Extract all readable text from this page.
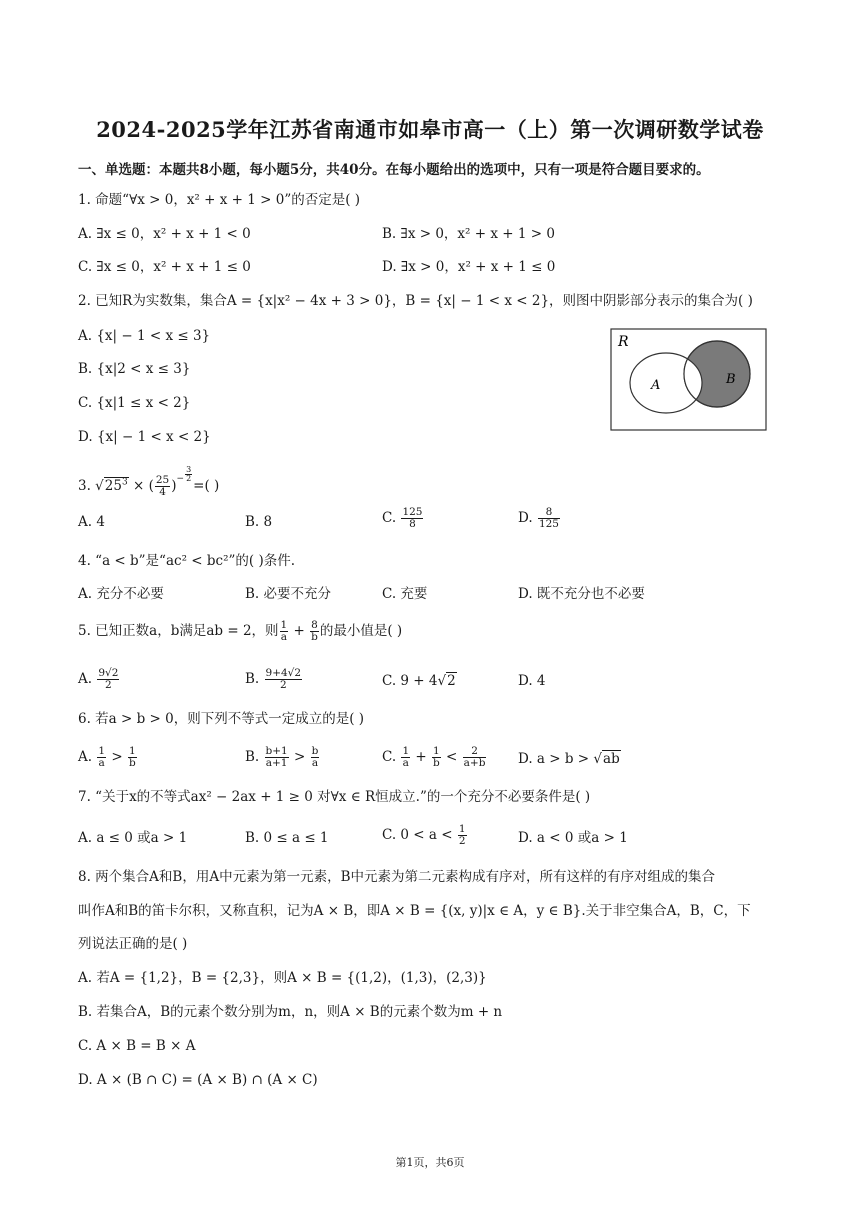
2024-2025学年江苏省南通市如皋市高一（上）第一次调研数学试卷
一、单选题：本题共8小题，每小题5分，共40分。在每小题给出的选项中，只有一项是符合题目要求的。
1. 命题“∀x > 0，x² + x + 1 > 0”的否定是( )
A. ∃x ≤ 0，x² + x + 1 < 0	B. ∃x > 0，x² + x + 1 > 0
C. ∃x ≤ 0，x² + x + 1 ≤ 0	D. ∃x > 0，x² + x + 1 ≤ 0
2. 已知R为实数集，集合A = {x|x² − 4x + 3 > 0}，B = {x| − 1 < x < 2}，则图中阴影部分表示的集合为( )
A. {x| − 1 < x ≤ 3}
B. {x|2 < x ≤ 3}
C. {x|1 ≤ x < 2}
D. {x| − 1 < x < 2}
R
A	B
3. $√25^3$ × ( $\frac{25}{4} )^- \frac{3}{2}$
=( )
A. 4	B. 8	C. $\frac{125}{8}$	D. $\frac{8}{125}$
4. “a < b”是“ac² < bc²”的( )条件.
A. 充分不必要	B. 必要不充分	C. 充要	D. 既不充分也不必要
5. 已知正数a，b满足ab = 2，则 $\frac{1}{a} + \frac{8}{b}$ 的最小值是( )
A. $\frac{9√2}{2}$	B. $\frac{9+4√2}{2}$	C. 9 + 4√2	D. 4
6. 若a > b > 0，则下列不等式一定成立的是( )
A. $\frac{1}{a} > \frac{1}{b}$	B. $\frac{b+1}{a+1} > \frac{b}{a}$	C. $\frac{1}{a} + \frac{1}{b} < \frac{2}{a+b} D$. a > b > √ab
7. “关于x的不等式ax² − 2ax + 1 ≥ 0 对∀x ∈ R恒成立.”的一个充分不必要条件是( )
A. a ≤ 0 或a > 1	B. 0 ≤ a ≤ 1	C. $0 < a < \frac{1}{2}$	D. a < 0 或a > 1
8. 两个集合A和B，用A中元素为第一元素，B中元素为第二元素构成有序对，所有这样的有序对组成的集合
叫作A和B的笛卡尔积，又称直积，记为A × B，即A × B = {(x, y)|x ∈ A，y ∈ B}.关于非空集合A，B，C，下
列说法正确的是( )
A. 若A = {1,2}，B = {2,3}，则A × B = {(1,2)，(1,3)，(2,3)}
B. 若集合A，B的元素个数分别为m，n，则A × B的元素个数为m + n
C. A × B = B × A
D. A × (B ∩ C) = (A × B) ∩ (A × C)
第1页，共6页
